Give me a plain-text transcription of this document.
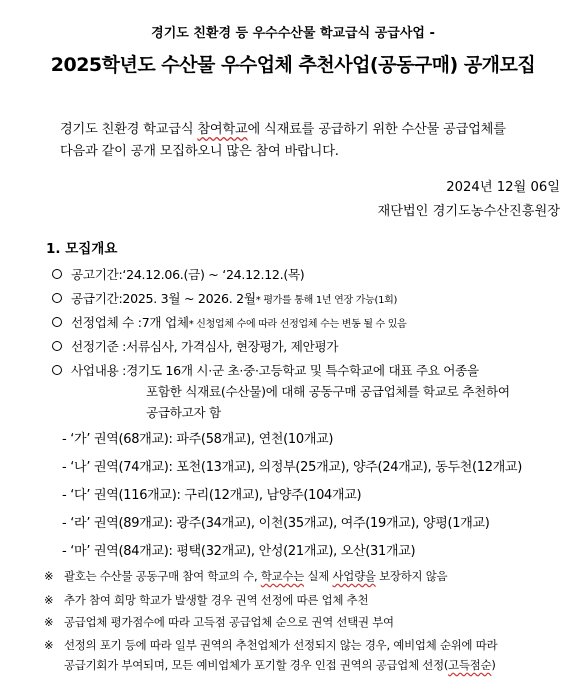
경기도 친환경 등 우수수산물 학교급식 공급사업 -
2025학년도 수산물 우수업체 추천사업(공동구매) 공개모집
경기도 친환경 학교급식 참여학교에 식재료를 공급하기 위한 수산물 공급업체를
다음과 같이 공개 모집하오니 많은 참여 바랍니다.
2024년 12월 06일
재단법인 경기도농수산진흥원장
1. 모집개요
공고기간: ‘24.12.06.(금) ~ ‘24.12.12.(목)
공급기간: 2025. 3월 ~ 2026. 2월 * 평가를 통해 1년 연장 가능(1회)
선정업체 수 : 7개 업체 * 신청업체 수에 따라 선정업체 수는 변동 될 수 있음
선정기준 : 서류심사, 가격심사, 현장평가, 제안평가
사업내용 : 경기도 16개 시·군 초·중·고등학교 및 특수학교에 대표 주요 어종을
포함한 식재료(수산물)에 대해 공동구매 공급업체를 학교로 추천하여
공급하고자 함
- ‘가’ 권역(68개교): 파주(58개교), 연천(10개교)
- ‘나’ 권역(74개교): 포천(13개교), 의정부(25개교), 양주(24개교), 동두천(12개교)
- ‘다’ 권역(116개교): 구리(12개교), 남양주(104개교)
- ‘라’ 권역(89개교): 광주(34개교), 이천(35개교), 여주(19개교), 양평(1개교)
- ‘마’ 권역(84개교): 평택(32개교), 안성(21개교), 오산(31개교)
※ 괄호는 수산물 공동구매 참여 학교의 수, 학교수는 실제 사업량을 보장하지 않음
※ 추가 참여 희망 학교가 발생할 경우 권역 선정에 따른 업체 추천
※ 공급업체 평가점수에 따라 고득점 공급업체 순으로 권역 선택권 부여
※ 선정의 포기 등에 따라 일부 권역의 추천업체가 선정되지 않는 경우, 예비업체 순위에 따라
공급기회가 부여되며, 모든 예비업체가 포기할 경우 인접 권역의 공급업체 선정(고득점순)
